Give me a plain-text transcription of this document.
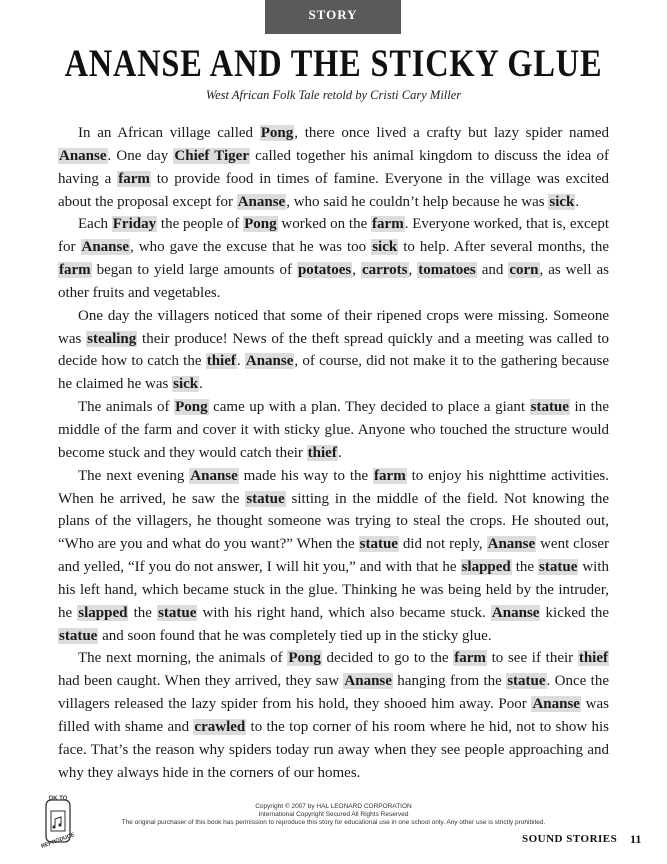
STORY
ANANSE AND THE STICKY GLUE
West African Folk Tale retold by Cristi Cary Miller

In an African village called Pong, there once lived a crafty but lazy spider named Ananse. One day Chief Tiger called together his animal kingdom to discuss the idea of having a farm to provide food in times of famine. Everyone in the village was excited about the proposal except for Ananse, who said he couldn’t help because he was sick.

Each Friday the people of Pong worked on the farm. Everyone worked, that is, except for Ananse, who gave the excuse that he was too sick to help. After several months, the farm began to yield large amounts of potatoes, carrots, tomatoes and corn, as well as other fruits and vegetables.

One day the villagers noticed that some of their ripened crops were missing. Someone was stealing their produce! News of the theft spread quickly and a meeting was called to decide how to catch the thief. Ananse, of course, did not make it to the gathering because he claimed he was sick.

The animals of Pong came up with a plan. They decided to place a giant statue in the middle of the farm and cover it with sticky glue. Anyone who touched the structure would become stuck and they would catch their thief.

The next evening Ananse made his way to the farm to enjoy his nighttime activities. When he arrived, he saw the statue sitting in the middle of the field. Not knowing the plans of the villagers, he thought someone was trying to steal the crops. He shouted out, “Who are you and what do you want?” When the statue did not reply, Ananse went closer and yelled, “If you do not answer, I will hit you,” and with that he slapped the statue with his left hand, which became stuck in the glue. Thinking he was being held by the intruder, he slapped the statue with his right hand, which also became stuck. Ananse kicked the statue and soon found that he was completely tied up in the sticky glue.

The next morning, the animals of Pong decided to go to the farm to see if their thief had been caught. When they arrived, they saw Ananse hanging from the statue. Once the villagers released the lazy spider from his hold, they shooed him away. Poor Ananse was filled with shame and crawled to the top corner of his room where he hid, not to show his face. That’s the reason why spiders today run away when they see people approaching and why they always hide in the corners of our homes.

OK TO
REPRODUCE
Copyright © 2007 by HAL LEONARD CORPORATION
International Copyright Secured All Rights Reserved
The original purchaser of this book has permission to reproduce this story for educational use in one school only. Any other use is strictly prohibited.
SOUND STORIES 11
